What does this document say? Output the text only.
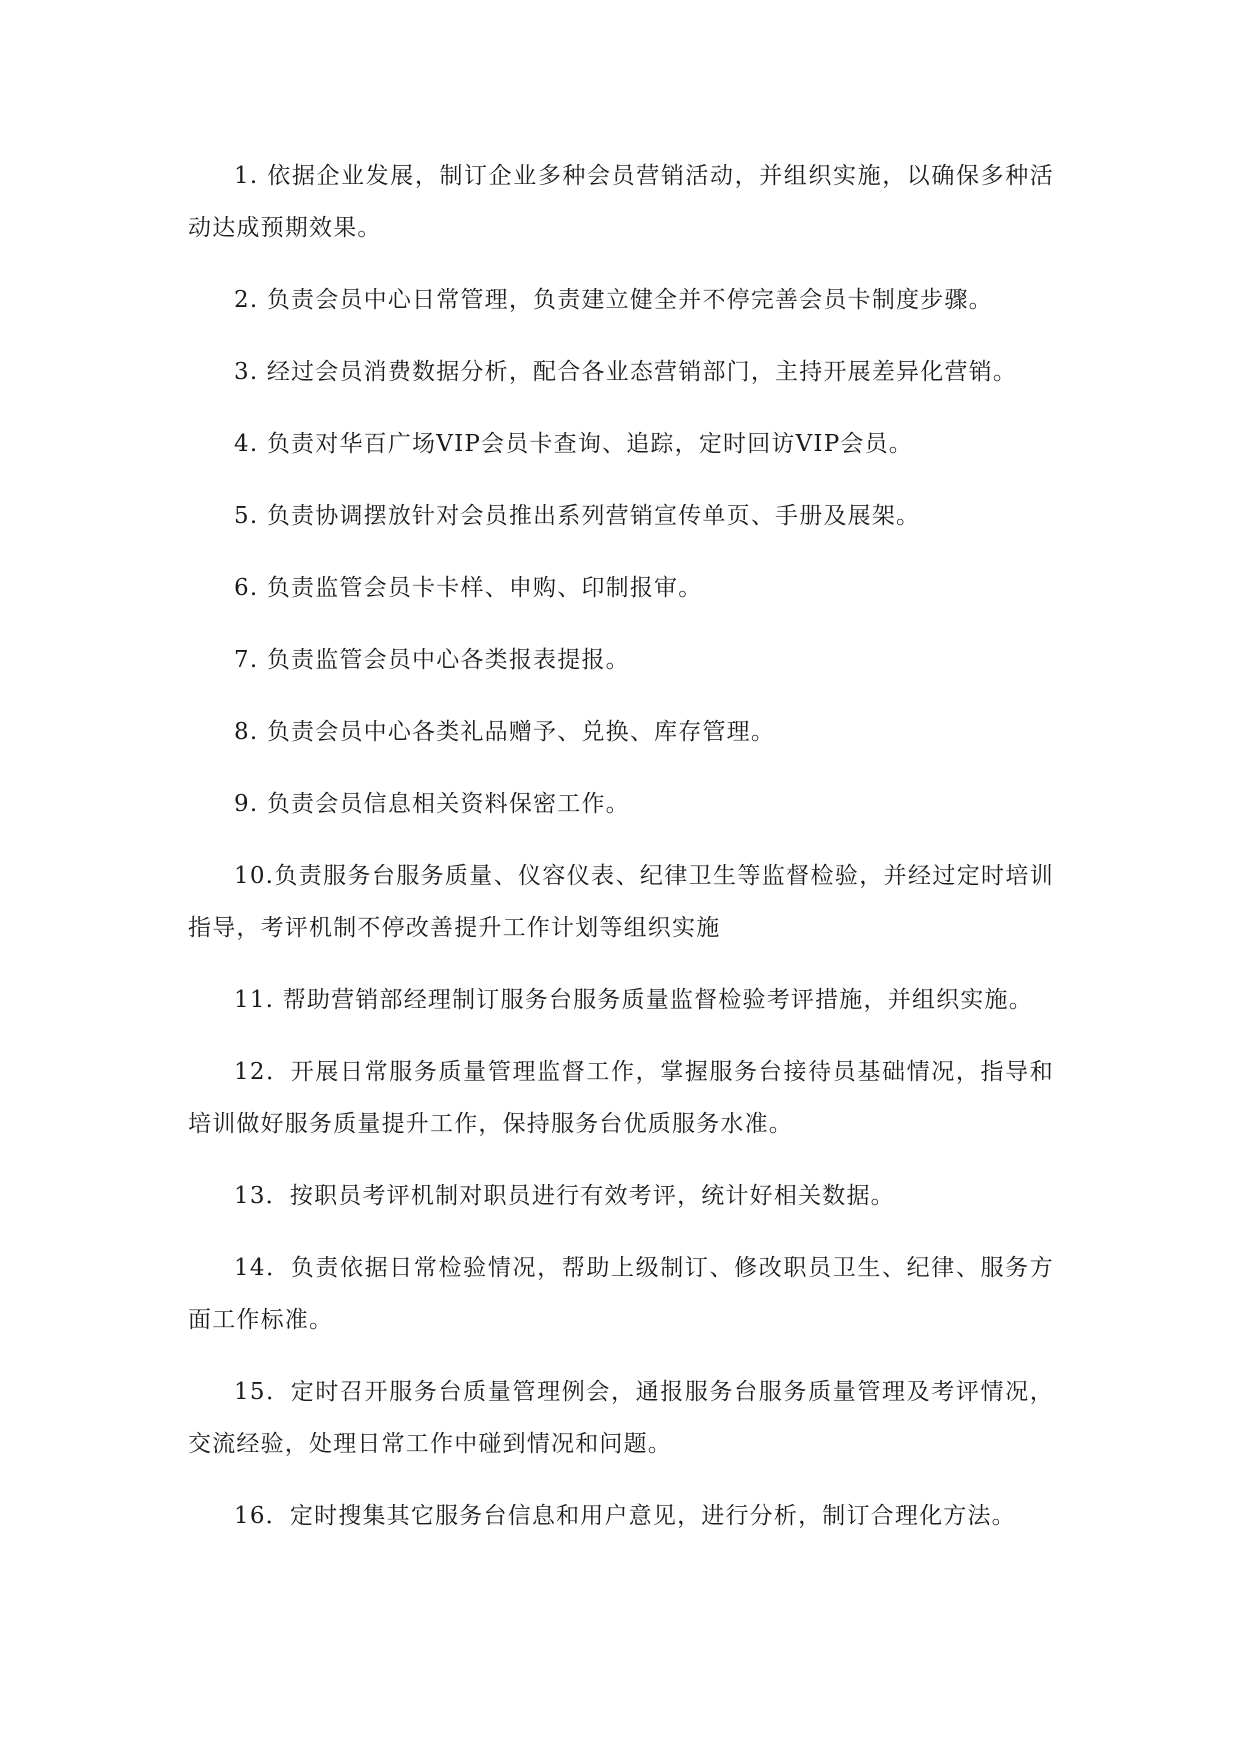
1. 依据企业发展，制订企业多种会员营销活动，并组织实施，以确保多种活动达成预期效果。

2. 负责会员中心日常管理，负责建立健全并不停完善会员卡制度步骤。

3. 经过会员消费数据分析，配合各业态营销部门，主持开展差异化营销。

4. 负责对华百广场VIP会员卡查询、追踪，定时回访VIP会员。

5. 负责协调摆放针对会员推出系列营销宣传单页、手册及展架。

6. 负责监管会员卡卡样、申购、印制报审。

7. 负责监管会员中心各类报表提报。

8. 负责会员中心各类礼品赠予、兑换、库存管理。

9. 负责会员信息相关资料保密工作。

10.负责服务台服务质量、仪容仪表、纪律卫生等监督检验，并经过定时培训指导，考评机制不停改善提升工作计划等组织实施

11. 帮助营销部经理制订服务台服务质量监督检验考评措施，并组织实施。

12．开展日常服务质量管理监督工作，掌握服务台接待员基础情况，指导和培训做好服务质量提升工作，保持服务台优质服务水准。

13．按职员考评机制对职员进行有效考评，统计好相关数据。

14．负责依据日常检验情况，帮助上级制订、修改职员卫生、纪律、服务方面工作标准。

15．定时召开服务台质量管理例会，通报服务台服务质量管理及考评情况，交流经验，处理日常工作中碰到情况和问题。

16．定时搜集其它服务台信息和用户意见，进行分析，制订合理化方法。
